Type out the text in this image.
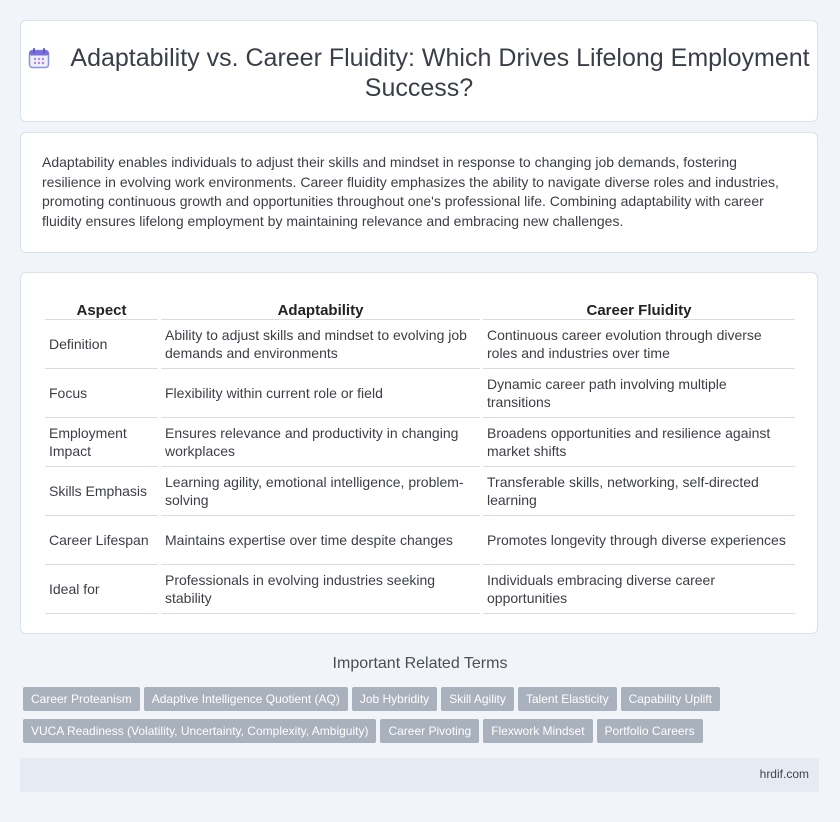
Adaptability vs. Career Fluidity: Which Drives Lifelong Employment Success?
Adaptability enables individuals to adjust their skills and mindset in response to changing job demands, fostering resilience in evolving work environments. Career fluidity emphasizes the ability to navigate diverse roles and industries, promoting continuous growth and opportunities throughout one's professional life. Combining adaptability with career fluidity ensures lifelong employment by maintaining relevance and embracing new challenges.
Aspect	Adaptability	Career Fluidity
Definition	Ability to adjust skills and mindset to evolving job demands and environments	Continuous career evolution through diverse roles and industries over time
Focus	Flexibility within current role or field	Dynamic career path involving multiple transitions
Employment Impact	Ensures relevance and productivity in changing workplaces	Broadens opportunities and resilience against market shifts
Skills Emphasis	Learning agility, emotional intelligence, problem-solving	Transferable skills, networking, self-directed learning
Career Lifespan	Maintains expertise over time despite changes	Promotes longevity through diverse experiences
Ideal for	Professionals in evolving industries seeking stability	Individuals embracing diverse career opportunities
Important Related Terms
Career Proteanism Adaptive Intelligence Quotient (AQ) Job Hybridity Skill Agility Talent Elasticity Capability UpliftVUCA Readiness (Volatility, Uncertainty, Complexity, Ambiguity) Career Pivoting Flexwork Mindset Portfolio Careers
hrdif.com
